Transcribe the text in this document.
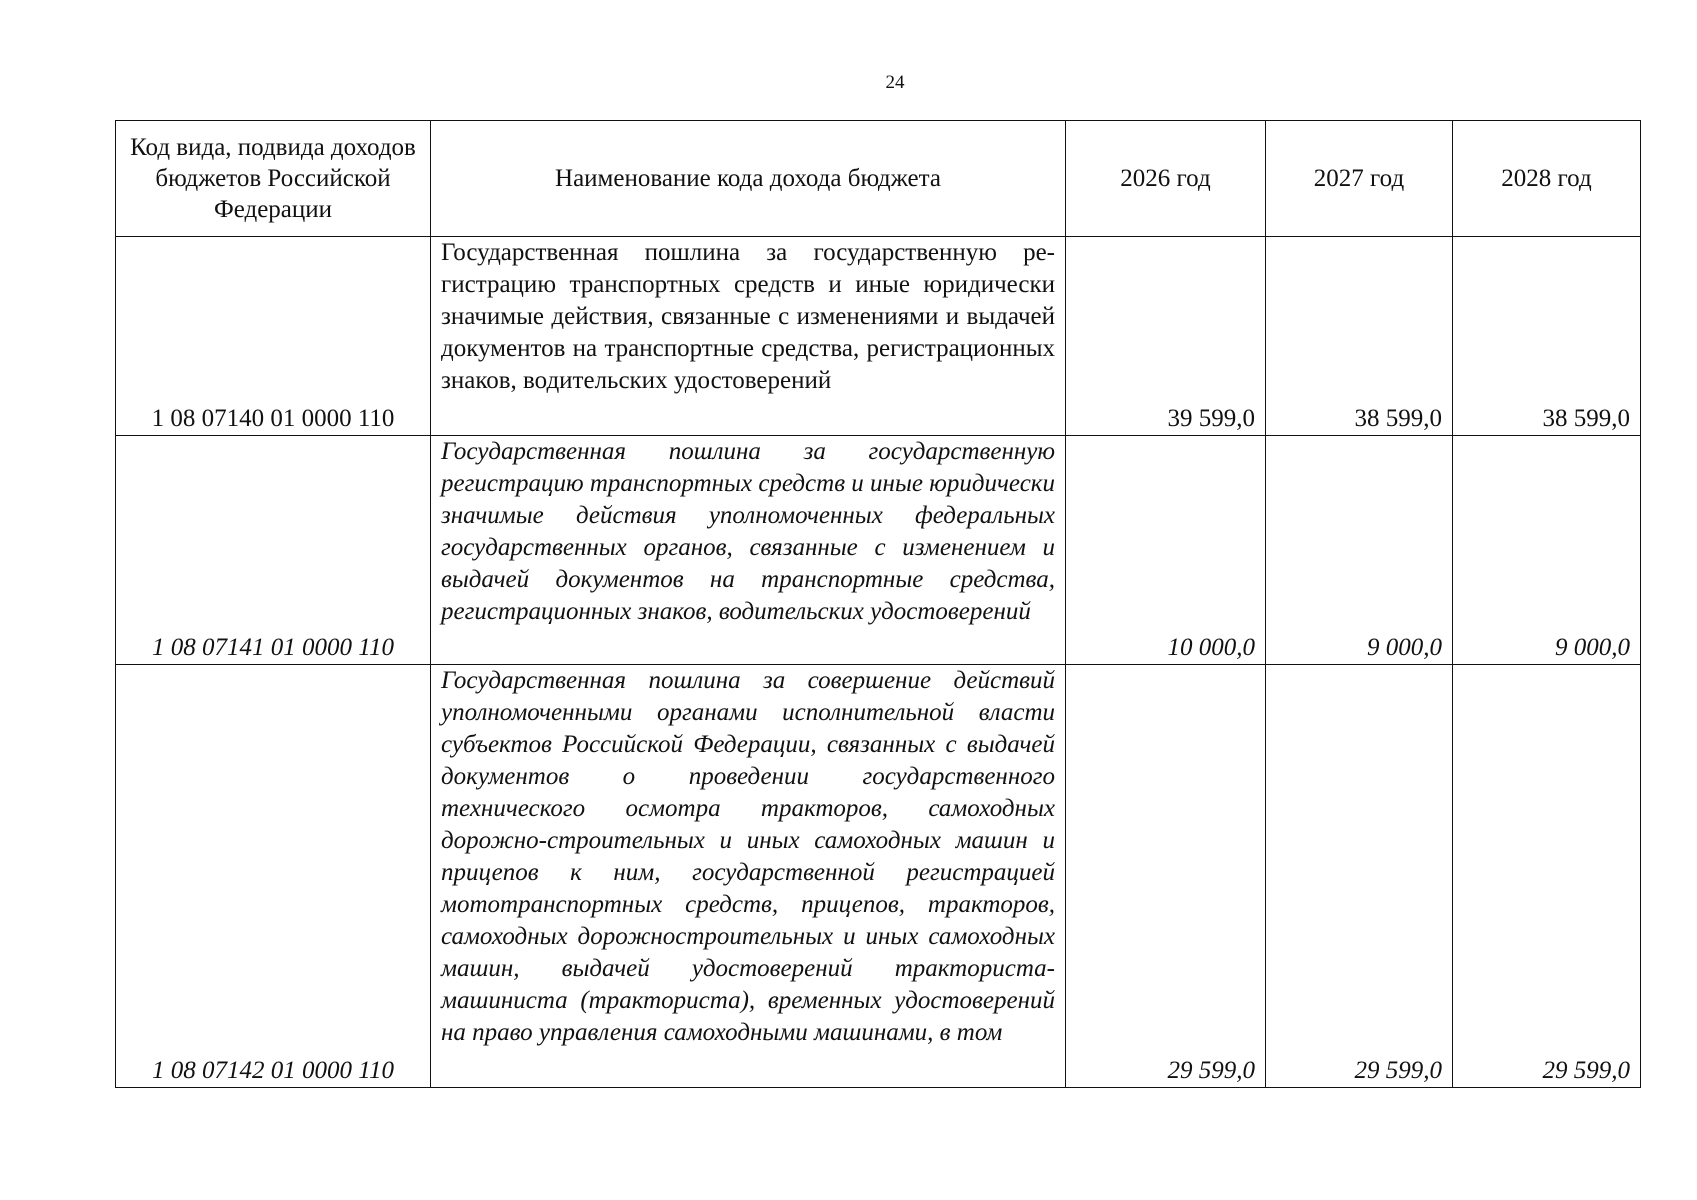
24
Код вида, подвида доходов бюджетов Российской Федерации	Наименование кода дохода бюджета	2026 год	2027 год	2028 год
1 08 07140 01 0000 110	Государственная пошлина за государственную регистрацию транспортных средств и иные юридически значимые действия, связанные с изменениями и выдачей документов на транспортные средства, регистрационных знаков, водительских удостоверений	39 599,0	38 599,0	38 599,0
1 08 07141 01 0000 110	Государственная пошлина за государственную регистрацию транспортных средств и иные юридически значимые действия уполномоченных федеральных государственных органов, связанные с изменением и выдачей документов на транспортные средства, регистрационных знаков, водительских удостоверений	10 000,0	9 000,0	9 000,0
1 08 07142 01 0000 110	Государственная пошлина за совершение действий уполномоченными органами исполнительной власти субъектов Российской Федерации, связанных с выдачей документов о проведении государственного технического осмотра тракторов, самоходных дорожно-строительных и иных самоходных машин и прицепов к ним, государственной регистрацией мототранспортных средств, прицепов, тракторов, самоходных дорожностроительных и иных самоходных машин, выдачей удостоверений тракториста-машиниста (тракториста), временных удостоверений на право управления самоходными машинами, в том	29 599,0	29 599,0	29 599,0
